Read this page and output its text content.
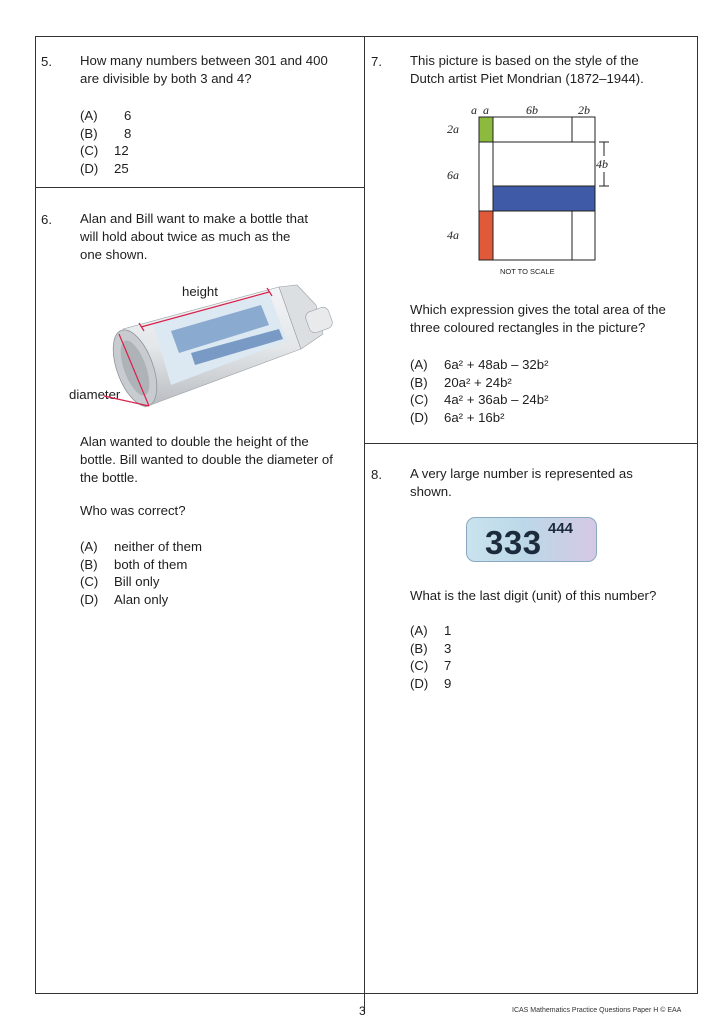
5. How many numbers between 301 and 400
are divisible by both 3 and 4?
(A) 6
(B) 8
(C) 12
(D) 25
6. Alan and Bill want to make a bottle that
will hold about twice as much as the
one shown.
height
diameter
Alan wanted to double the height of the
bottle. Bill wanted to double the diameter of
the bottle.
Who was correct?
(A) neither of them
(B) both of them
(C) Bill only
(D) Alan only
7. This picture is based on the style of the
Dutch artist Piet Mondrian (1872–1944).
a a	6b	2b
2a
6a
4a
4b
NOT TO SCALE
Which expression gives the total area of the
three coloured rectangles in the picture?
(A) 6a² + 48ab – 32b²
(B) 20a² + 24b²
(C) 4a² + 36ab – 24b²
(D) 6a² + 16b²
8. A very large number is represented as
shown.
333 444
What is the last digit (unit) of this number?
(A) 1
(B) 3
(C) 7
(D) 9
3	ICAS Mathematics Practice Questions Paper H © EAA
